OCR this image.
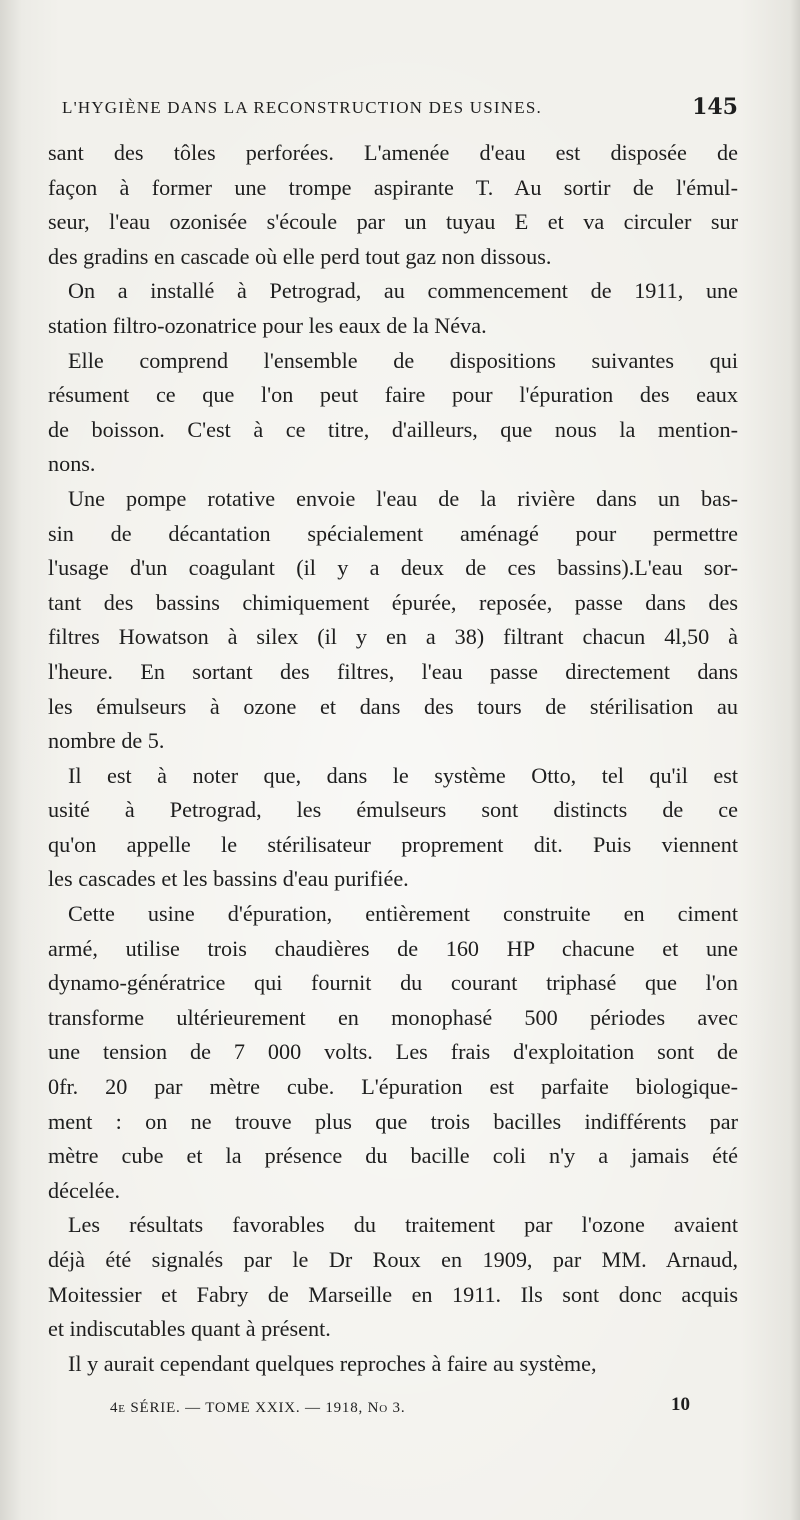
L'HYGIÈNE DANS LA RECONSTRUCTION DES USINES.	145
sant des tôles perforées. L'amenée d'eau est disposée de
façon à former une trompe aspirante T. Au sortir de l'émul-
seur, l'eau ozonisée s'écoule par un tuyau E et va circuler sur
des gradins en cascade où elle perd tout gaz non dissous.
On a installé à Petrograd, au commencement de 1911, une
station filtro-ozonatrice pour les eaux de la Néva.
Elle comprend l'ensemble de dispositions suivantes qui
résument ce que l'on peut faire pour l'épuration des eaux
de boisson. C'est à ce titre, d'ailleurs, que nous la mention-
nons.
Une pompe rotative envoie l'eau de la rivière dans un bas-
sin de décantation spécialement aménagé pour permettre
l'usage d'un coagulant (il y a deux de ces bassins).L'eau sor-
tant des bassins chimiquement épurée, reposée, passe dans des
filtres Howatson à silex (il y en a 38) filtrant chacun 4l,50 à
l'heure. En sortant des filtres, l'eau passe directement dans
les émulseurs à ozone et dans des tours de stérilisation au
nombre de 5.
Il est à noter que, dans le système Otto, tel qu'il est
usité à Petrograd, les émulseurs sont distincts de ce
qu'on appelle le stérilisateur proprement dit. Puis viennent
les cascades et les bassins d'eau purifiée.
Cette usine d'épuration, entièrement construite en ciment
armé, utilise trois chaudières de 160 HP chacune et une
dynamo-génératrice qui fournit du courant triphasé que l'on
transforme ultérieurement en monophasé 500 périodes avec
une tension de 7 000 volts. Les frais d'exploitation sont de
0fr. 20 par mètre cube. L'épuration est parfaite biologique-
ment : on ne trouve plus que trois bacilles indifférents par
mètre cube et la présence du bacille coli n'y a jamais été
décelée.
Les résultats favorables du traitement par l'ozone avaient
déjà été signalés par le Dr Roux en 1909, par MM. Arnaud,
Moitessier et Fabry de Marseille en 1911. Ils sont donc acquis
et indiscutables quant à présent.
Il y aurait cependant quelques reproches à faire au système,
4e SÉRIE. — TOME XXIX. — 1918, No 3.	10
